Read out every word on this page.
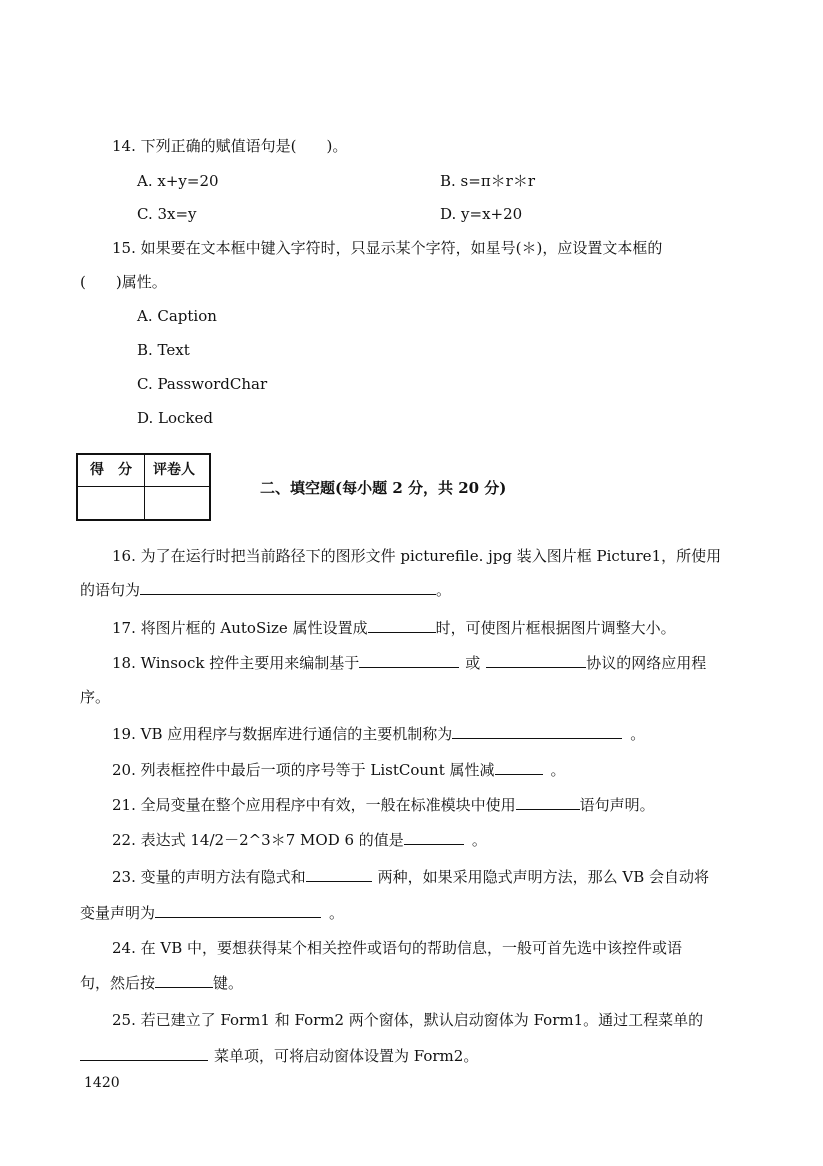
14. 下列正确的赋值语句是(　　)。
A. x+y=20	B. s=π＊r＊r
C. 3x=y	D. y=x+20
15. 如果要在文本框中键入字符时，只显示某个字符，如星号(＊)，应设置文本框的
(　　)属性。
A. Caption
B. Text
C. PasswordChar
D. Locked
得　分 评卷人
二、填空题(每小题 2 分，共 20 分)
16. 为了在运行时把当前路径下的图形文件 picturefile. jpg 装入图片框 Picture1，所使用
的语句为	。
17. 将图片框的 AutoSize 属性设置成	时，可使图片框根据图片调整大小。
18. Winsock 控件主要用来编制基于	或	协议的网络应用程
序。
19. VB 应用程序与数据库进行通信的主要机制称为	。
20. 列表框控件中最后一项的序号等于 ListCount 属性减	。
21. 全局变量在整个应用程序中有效，一般在标准模块中使用	语句声明。
22. 表达式 14/2－2^3＊7 MOD 6 的值是	。
23. 变量的声明方法有隐式和	两种，如果采用隐式声明方法，那么 VB 会自动将
变量声明为	。
24. 在 VB 中，要想获得某个相关控件或语句的帮助信息，一般可首先选中该控件或语
句，然后按	键。
25. 若已建立了 Form1 和 Form2 两个窗体，默认启动窗体为 Form1。通过工程菜单的
菜单项，可将启动窗体设置为 Form2。
1420
